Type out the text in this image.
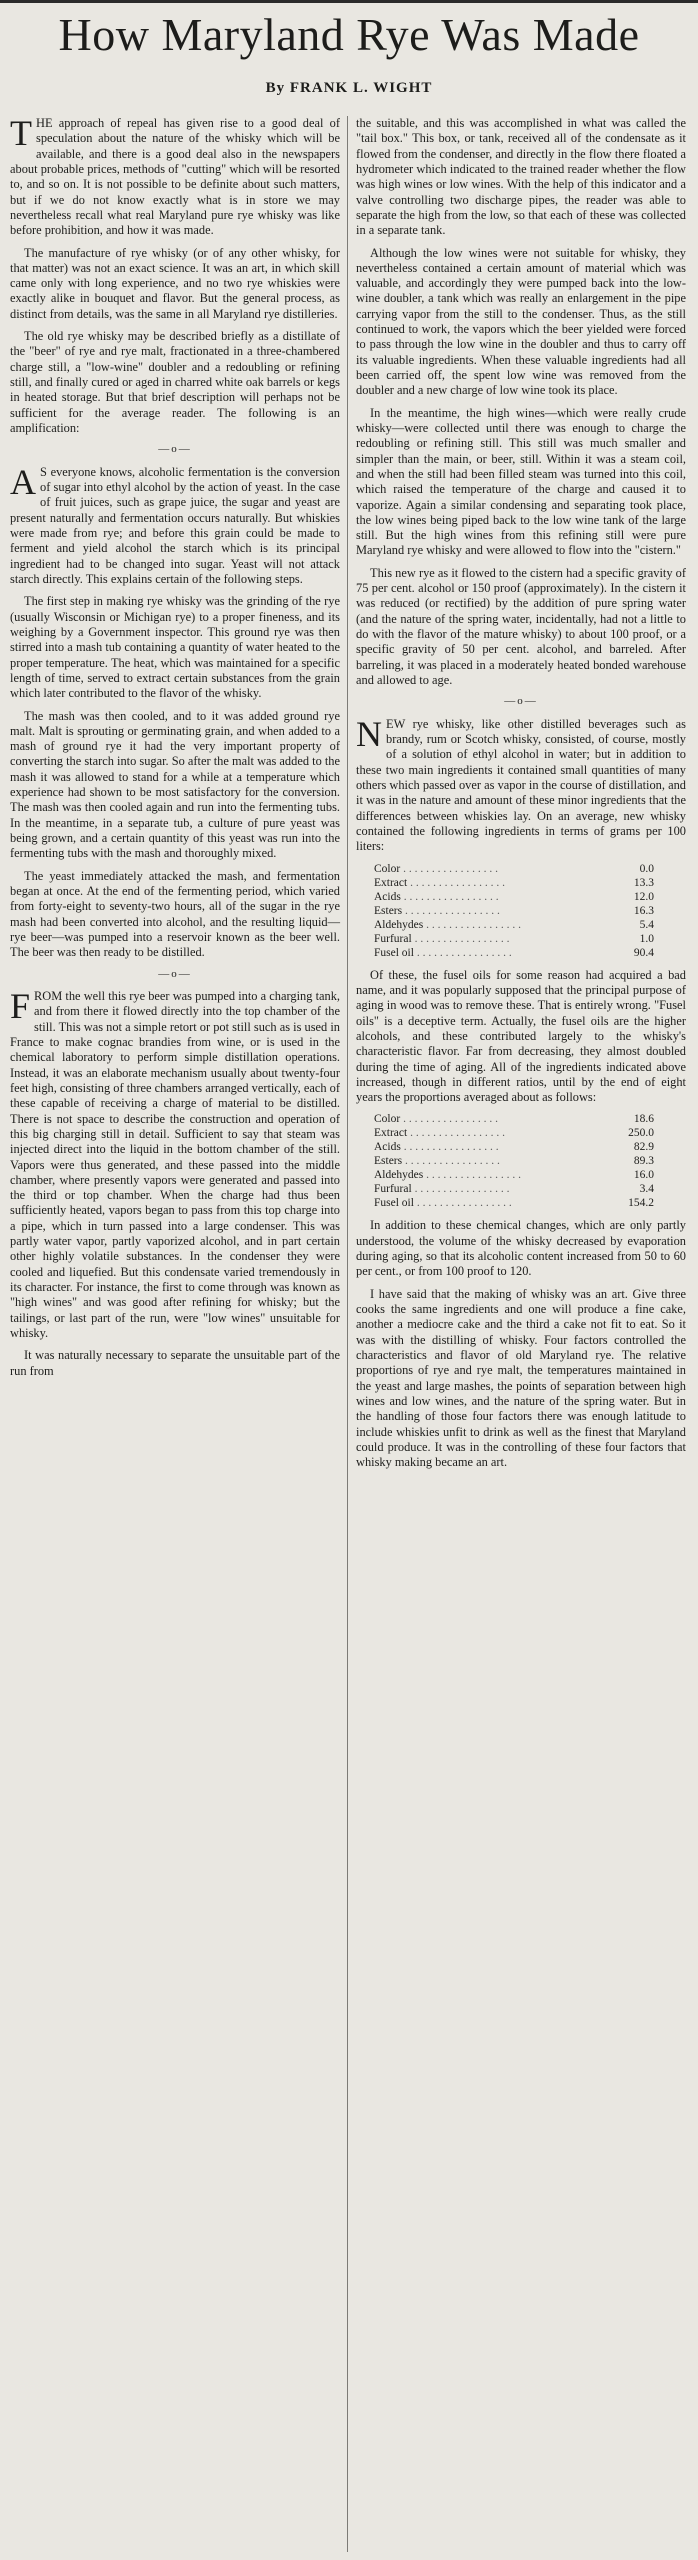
How Maryland Rye Was Made
By FRANK L. WIGHT

THE approach of repeal has given rise to a good deal of speculation about the nature of the whisky which will be available, and there is a good deal also in the newspapers about probable prices, methods of "cutting" which will be resorted to, and so on. It is not possible to be definite about such matters, but if we do not know exactly what is in store we may nevertheless recall what real Maryland pure rye whisky was like before prohibition, and how it was made.

The manufacture of rye whisky (or of any other whisky, for that matter) was not an exact science. It was an art, in which skill came only with long experience, and no two rye whiskies were exactly alike in bouquet and flavor. But the general process, as distinct from details, was the same in all Maryland rye distilleries.

The old rye whisky may be described briefly as a distillate of the "beer" of rye and rye malt, fractionated in a three-chambered charge still, a "low-wine" doubler and a redoubling or refining still, and finally cured or aged in charred white oak barrels or kegs in heated storage. But that brief description will perhaps not be sufficient for the average reader. The following is an amplification:

—o—

A S everyone knows, alcoholic fermentation is the conversion of sugar into ethyl alcohol by the action of yeast. In the case of fruit juices, such as grape juice, the sugar and yeast are present naturally and fermentation occurs naturally. But whiskies were made from rye; and before this grain could be made to ferment and yield alcohol the starch which is its principal ingredient had to be changed into sugar. Yeast will not attack starch directly. This explains certain of the following steps.

The first step in making rye whisky was the grinding of the rye (usually Wisconsin or Michigan rye) to a proper fineness, and its weighing by a Government inspector. This ground rye was then stirred into a mash tub containing a quantity of water heated to the proper temperature. The heat, which was maintained for a specific length of time, served to extract certain substances from the grain which later contributed to the flavor of the whisky.

The mash was then cooled, and to it was added ground rye malt. Malt is sprouting or germinating grain, and when added to a mash of ground rye it had the very important property of converting the starch into sugar. So after the malt was added to the mash it was allowed to stand for a while at a temperature which experience had shown to be most satisfactory for the conversion. The mash was then cooled again and run into the fermenting tubs. In the meantime, in a separate tub, a culture of pure yeast was being grown, and a certain quantity of this yeast was run into the fermenting tubs with the mash and thoroughly mixed.

The yeast immediately attacked the mash, and fermentation began at once. At the end of the fermenting period, which varied from forty-eight to seventy-two hours, all of the sugar in the rye mash had been converted into alcohol, and the resulting liquid—rye beer—was pumped into a reservoir known as the beer well. The beer was then ready to be distilled.

—o—

FROM the well this rye beer was pumped into a charging tank, and from there it flowed directly into the top chamber of the still. This was not a simple retort or pot still such as is used in France to make cognac brandies from wine, or is used in the chemical laboratory to perform simple distillation operations. Instead, it was an elaborate mechanism usually about twenty-four feet high, consisting of three chambers arranged vertically, each of these capable of receiving a charge of material to be distilled. There is not space to describe the construction and operation of this big charging still in detail. Sufficient to say that steam was injected direct into the liquid in the bottom chamber of the still. Vapors were thus generated, and these passed into the middle chamber, where presently vapors were generated and passed into the third or top chamber. When the charge had thus been sufficiently heated, vapors began to pass from this top charge into a pipe, which in turn passed into a large condenser. This was partly water vapor, partly vaporized alcohol, and in part certain other highly volatile substances. In the condenser they were cooled and liquefied. But this condensate varied tremendously in its character. For instance, the first to come through was known as "high wines" and was good after refining for whisky; but the tailings, or last part of the run, were "low wines" unsuitable for whisky.

It was naturally necessary to separate the unsuitable part of the run from

the suitable, and this was accomplished in what was called the "tail box." This box, or tank, received all of the condensate as it flowed from the condenser, and directly in the flow there floated a hydrometer which indicated to the trained reader whether the flow was high wines or low wines. With the help of this indicator and a valve controlling two discharge pipes, the reader was able to separate the high from the low, so that each of these was collected in a separate tank.

Although the low wines were not suitable for whisky, they nevertheless contained a certain amount of material which was valuable, and accordingly they were pumped back into the low-wine doubler, a tank which was really an enlargement in the pipe carrying vapor from the still to the condenser. Thus, as the still continued to work, the vapors which the beer yielded were forced to pass through the low wine in the doubler and thus to carry off its valuable ingredients. When these valuable ingredients had all been carried off, the spent low wine was removed from the doubler and a new charge of low wine took its place.

In the meantime, the high wines—which were really crude whisky—were collected until there was enough to charge the redoubling or refining still. This still was much smaller and simpler than the main, or beer, still. Within it was a steam coil, and when the still had been filled steam was turned into this coil, which raised the temperature of the charge and caused it to vaporize. Again a similar condensing and separating took place, the low wines being piped back to the low wine tank of the large still. But the high wines from this refining still were pure Maryland rye whisky and were allowed to flow into the "cistern."

This new rye as it flowed to the cistern had a specific gravity of 75 per cent. alcohol or 150 proof (approximately). In the cistern it was reduced (or rectified) by the addition of pure spring water (and the nature of the spring water, incidentally, had not a little to do with the flavor of the mature whisky) to about 100 proof, or a specific gravity of 50 per cent. alcohol, and barreled. After barreling, it was placed in a moderately heated bonded warehouse and allowed to age.

—o—

NEW rye whisky, like other distilled beverages such as brandy, rum or Scotch whisky, consisted, of course, mostly of a solution of ethyl alcohol in water; but in addition to these two main ingredients it contained small quantities of many others which passed over as vapor in the course of distillation, and it was in the nature and amount of these minor ingredients that the differences between whiskies lay. On an average, new whisky contained the following ingredients in terms of grams per 100 liters:

Color . . .	0.0
Extract . . .	13.3
Acids . . .	12.0
Esters . . .	16.3
Aldehydes . . .	5.4
Furfural . . .	1.0
Fusel oil . . .	90.4

Of these, the fusel oils for some reason had acquired a bad name, and it was popularly supposed that the principal purpose of aging in wood was to remove these. That is entirely wrong. "Fusel oils" is a deceptive term. Actually, the fusel oils are the higher alcohols, and these contributed largely to the whisky's characteristic flavor. Far from decreasing, they almost doubled during the time of aging. All of the ingredients indicated above increased, though in different ratios, until by the end of eight years the proportions averaged about as follows:

Color . . .	18.6
Extract . . .	250.0
Acids . . .	82.9
Esters . . .	89.3
Aldehydes . . .	16.0
Furfural . . .	3.4
Fusel oil . . .	154.2

In addition to these chemical changes, which are only partly understood, the volume of the whisky decreased by evaporation during aging, so that its alcoholic content increased from 50 to 60 per cent., or from 100 proof to 120.

I have said that the making of whisky was an art. Give three cooks the same ingredients and one will produce a fine cake, another a mediocre cake and the third a cake not fit to eat. So it was with the distilling of whisky. Four factors controlled the characteristics and flavor of old Maryland rye. The relative proportions of rye and rye malt, the temperatures maintained in the yeast and large mashes, the points of separation between high wines and low wines, and the nature of the spring water. But in the handling of those four factors there was enough latitude to include whiskies unfit to drink as well as the finest that Maryland could produce. It was in the controlling of these four factors that whisky making became an art.
